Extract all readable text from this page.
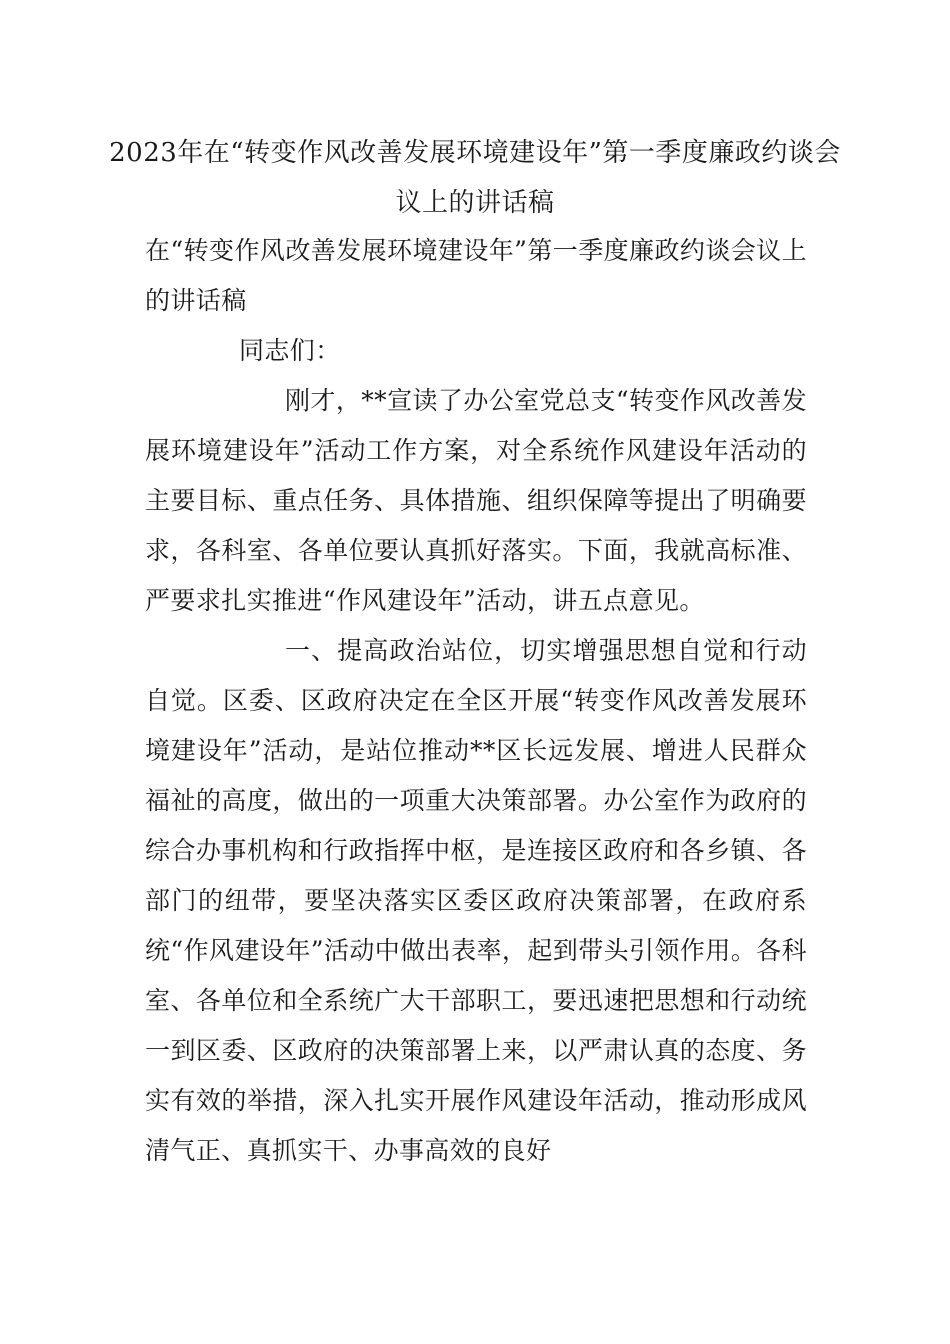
2023年在“转变作风改善发展环境建设年”第一季度廉政约谈会议上的讲话稿

在“转变作风改善发展环境建设年”第一季度廉政约谈会议上的讲话稿

同志们：

刚才，**宣读了办公室党总支“转变作风改善发展环境建设年”活动工作方案，对全系统作风建设年活动的主要目标、重点任务、具体措施、组织保障等提出了明确要求，各科室、各单位要认真抓好落实。下面，我就高标准、严要求扎实推进“作风建设年”活动，讲五点意见。

一、提高政治站位，切实增强思想自觉和行动自觉。区委、区政府决定在全区开展“转变作风改善发展环境建设年”活动，是站位推动**区长远发展、增进人民群众福祉的高度，做出的一项重大决策部署。办公室作为政府的综合办事机构和行政指挥中枢，是连接区政府和各乡镇、各部门的纽带，要坚决落实区委区政府决策部署，在政府系统“作风建设年”活动中做出表率，起到带头引领作用。各科室、各单位和全系统广大干部职工，要迅速把思想和行动统一到区委、区政府的决策部署上来，以严肃认真的态度、务实有效的举措，深入扎实开展作风建设年活动，推动形成风清气正、真抓实干、办事高效的良好
